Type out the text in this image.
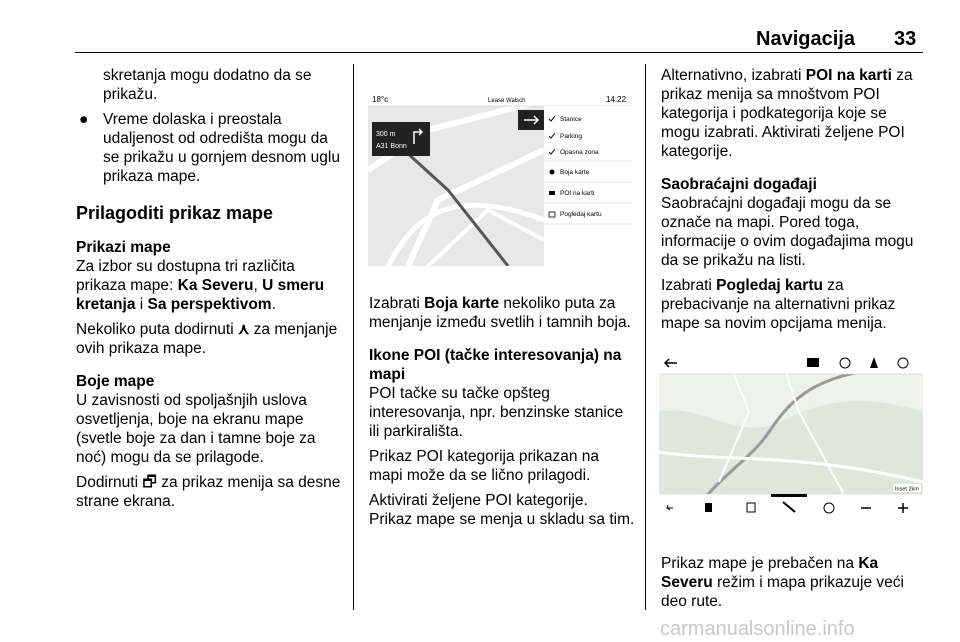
Navigacija 33

skretanja mogu dodatno da se prikažu.

● Vreme dolaska i preostala udaljenost od odredišta mogu da se prikažu u gornjem desnom uglu prikaza mape.

Prilagoditi prikaz mape

Prikazi mape

Za izbor su dostupna tri različita prikaza mape: Ka Severu, U smeru kretanja i Sa perspektivom.

Nekoliko puta dodirnuti ⋏ za menjanje ovih prikaza mape.

Boje mape

U zavisnosti od spoljašnjih uslova osvetljenja, boje na ekranu mape (svetle boje za dan i tamne boje za noć) mogu da se prilagode.

Dodirnuti 🗗 za prikaz menija sa desne strane ekrana.

18°c	Lease Walsch	14:22
300 m
A31 Bonn
Stanice
Parking
Opasna zona
Boja karte
POI na karti
Pogledaj kartu

Izabrati Boja karte nekoliko puta za menjanje između svetlih i tamnih boja.

Ikone POI (tačke interesovanja) na mapi

POI tačke su tačke opšteg interesovanja, npr. benzinske stanice ili parkirališta.

Prikaz POI kategorija prikazan na mapi može da se lično prilagodi.

Aktivirati željene POI kategorije. Prikaz mape se menja u skladu sa tim.

Alternativno, izabrati POI na karti za prikaz menija sa mnoštvom POI kategorija i podkategorija koje se mogu izabrati. Aktivirati željene POI kategorije.

Saobraćajni događaji

Saobraćajni događaji mogu da se označe na mapi. Pored toga, informacije o ovim događajima mogu da se prikažu na listi.

Izabrati Pogledaj kartu za prebacivanje na alternativni prikaz mape sa novim opcijama menija.

Inset 2km

Prikaz mape je prebačen na Ka Severu režim i mapa prikazuje veći deo rute.

carmanualsonline.info
